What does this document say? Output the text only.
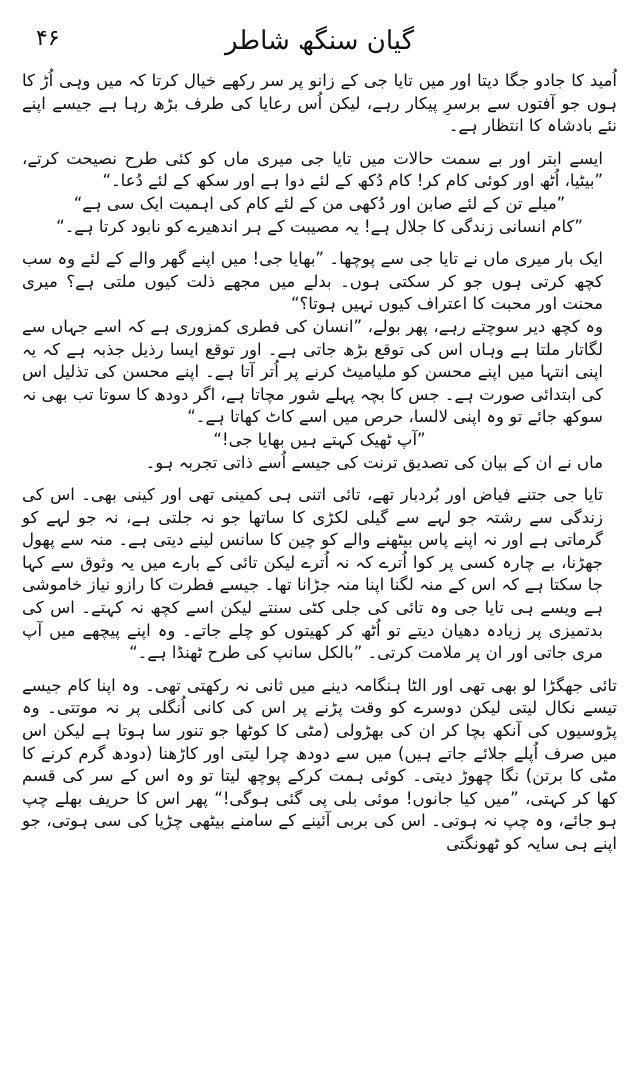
۴۶	گیان سنگھ شاطر

اُمید کا جادو جگا دیتا اور میں تایا جی کے زانو پر سر رکھے خیال کرتا کہ میں وہی اُڑ کا ہوں جو آفتوں سے برسرِ پیکار رہے، لیکن اُس رعایا کی طرف بڑھ رہا ہے جیسے اپنے نئے بادشاہ کا انتظار ہے۔

ایسے ابتر اور بے سمت حالات میں تایا جی میری ماں کو کئی طرح نصیحت کرتے، ”بیٹیا، اُٹھ اور کوئی کام کر! کام دُکھ کے لئے دوا ہے اور سکھ کے لئے دُعا۔“

”میلے تن کے لئے صابن اور دُکھی من کے لئے کام کی اہمیت ایک سی ہے“

”کام انسانی زندگی کا جلال ہے! یہ مصیبت کے ہر اندھیرے کو نابود کرتا ہے۔“

ایک بار میری ماں نے تایا جی سے پوچھا۔ ”بھایا جی! میں اپنے گھر والے کے لئے وہ سب کچھ کرتی ہوں جو کر سکتی ہوں۔ بدلے میں مجھے ذلت کیوں ملتی ہے؟ میری محنت اور محبت کا اعتراف کیوں نہیں ہوتا؟“

وہ کچھ دیر سوچتے رہے، پھر بولے، ”انسان کی فطری کمزوری ہے کہ اسے جہاں سے لگاتار ملتا ہے وہاں اس کی توقع بڑھ جاتی ہے۔ اور توقع ایسا رذیل جذبہ ہے کہ یہ اپنی انتہا میں اپنے محسن کو ملیامیٹ کرنے پر اُتر آتا ہے۔ اپنے محسن کی تذلیل اس کی ابتدائی صورت ہے۔ جس کا بچہ پہلے شور مچاتا ہے، اگر دودھ کا سوتا تب بھی نہ سوکھ جائے تو وہ اپنی لالسا، حرص میں اسے کاٹ کھاتا ہے۔“

”آپ ٹھیک کہتے ہیں بھایا جی!“

ماں نے ان کے بیان کی تصدیق ترنت کی جیسے اُسے ذاتی تجربہ ہو۔

تایا جی جتنے فیاض اور بُردبار تھے، تائی اتنی ہی کمینی تھی اور کینی بھی۔ اس کی زندگی سے رشتہ جو لہے سے گیلی لکڑی کا ساتھا جو نہ جلتی ہے، نہ جو لہے کو گرماتی ہے اور نہ اپنے پاس بیٹھنے والے کو چین کا سانس لینے دیتی ہے۔ منہ سے پھول جھڑنا، بے چارہ کسی پر کوا اُترے کہ نہ اُترے لیکن تائی کے بارے میں یہ وثوق سے کہا جا سکتا ہے کہ اس کے منہ لگنا اپنا منہ جڑانا تھا۔ جیسے فطرت کا رازو نیاز خاموشی ہے ویسے ہی تایا جی وہ تائی کی جلی کٹی سنتے لیکن اسے کچھ نہ کہتے۔ اس کی بدتمیزی پر زیادہ دھیان دیتے تو اُٹھ کر کھیتوں کو چلے جاتے۔ وہ اپنے پیچھے میں آپ مری جاتی اور ان پر ملامت کرتی۔ ”بالکل سانپ کی طرح ٹھنڈا ہے۔“

تائی جھگڑا لو بھی تھی اور الٹا ہنگامہ دینے میں ثانی نہ رکھتی تھی۔ وہ اپنا کام جیسے تیسے نکال لیتی لیکن دوسرے کو وقت پڑنے پر اس کی کانی اُنگلی پر نہ موتتی۔ وہ پڑوسیوں کی آنکھ بچا کر ان کی بھڑولی (مٹی کا کوٹھا جو تنور سا ہوتا ہے لیکن اس میں صرف اُپلے جلائے جاتے ہیں) میں سے دودھ چرا لیتی اور کاڑھنا (دودھ گرم کرنے کا مٹی کا برتن) نگا چھوڑ دیتی۔ کوئی ہمت کرکے پوچھ لیتا تو وہ اس کے سر کی قسم کھا کر کہتی، ”میں کیا جانوں! موئی بلی پی گئی ہوگی!“ پھر اس کا حریف بھلے چپ ہو جائے، وہ چپ نہ ہوتی۔ اس کی بربی آئینے کے سامنے بیٹھی چڑیا کی سی ہوتی، جو اپنے ہی سایہ کو ٹھونگتی
